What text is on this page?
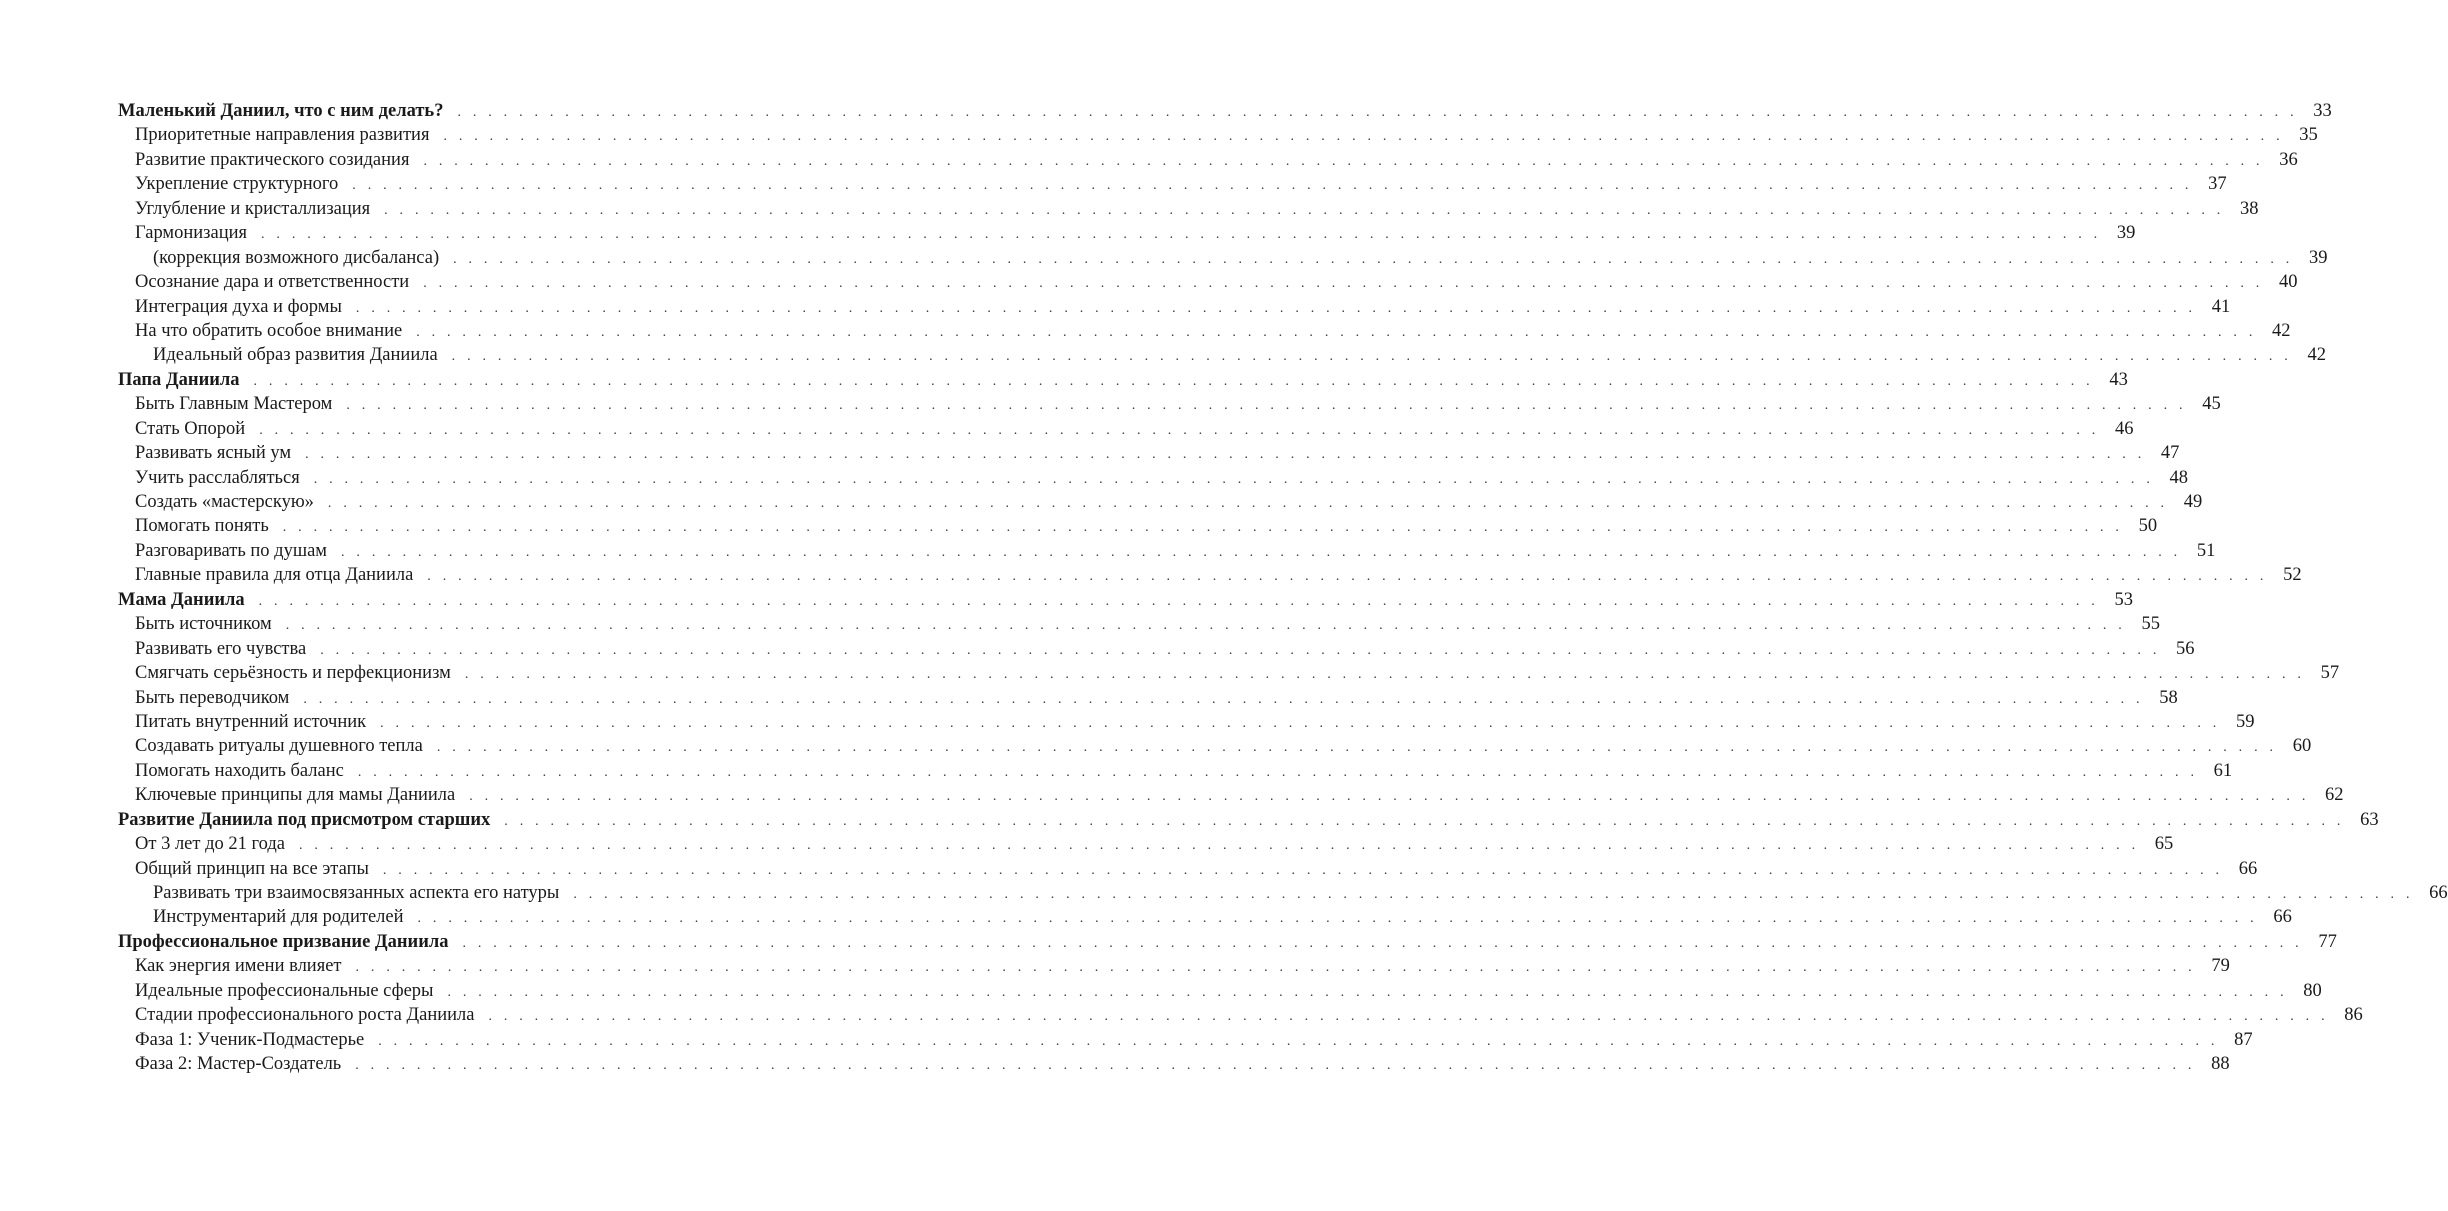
Маленький Даниил, что с ним делать? . . . . . . . . . . . . . . . . . . . . . . . . . . . . . . . . . . . . . . . . . . . . . . . . . . . . . . . . . . . . . . . . . . . . . . . . . . . . . . . . . . . . . . . . . . . . . . . . . . . . . . . . . . . . . . . . . . . . . . . . 33
Приоритетные направления развития . . . . . . . . . . . . . . . . . . . . . . . . . . . . . . . . . . . . . . . . . . . . . . . . . . . . . . . . . . . . . . . . . . . . . . . . . . . . . . . . . . . . . . . . . . . . . . . . . . . . . . . . . . . . . . . . . . . . . . . . 35
Развитие практического созидания . . . . . . . . . . . . . . . . . . . . . . . . . . . . . . . . . . . . . . . . . . . . . . . . . . . . . . . . . . . . . . . . . . . . . . . . . . . . . . . . . . . . . . . . . . . . . . . . . . . . . . . . . . . . . . . . . . . . . . . . 36
Укрепление структурного . . . . . . . . . . . . . . . . . . . . . . . . . . . . . . . . . . . . . . . . . . . . . . . . . . . . . . . . . . . . . . . . . . . . . . . . . . . . . . . . . . . . . . . . . . . . . . . . . . . . . . . . . . . . . . . . . . . . . . . . 37
Углубление и кристаллизация . . . . . . . . . . . . . . . . . . . . . . . . . . . . . . . . . . . . . . . . . . . . . . . . . . . . . . . . . . . . . . . . . . . . . . . . . . . . . . . . . . . . . . . . . . . . . . . . . . . . . . . . . . . . . . . . . . . . . . . . 38
Гармонизация . . . . . . . . . . . . . . . . . . . . . . . . . . . . . . . . . . . . . . . . . . . . . . . . . . . . . . . . . . . . . . . . . . . . . . . . . . . . . . . . . . . . . . . . . . . . . . . . . . . . . . . . . . . . . . . . . . . . . . . . 39
(коррекция возможного дисбаланса) . . . . . . . . . . . . . . . . . . . . . . . . . . . . . . . . . . . . . . . . . . . . . . . . . . . . . . . . . . . . . . . . . . . . . . . . . . . . . . . . . . . . . . . . . . . . . . . . . . . . . . . . . . . . . . . . . . . . . . . . 39
Осознание дара и ответственности . . . . . . . . . . . . . . . . . . . . . . . . . . . . . . . . . . . . . . . . . . . . . . . . . . . . . . . . . . . . . . . . . . . . . . . . . . . . . . . . . . . . . . . . . . . . . . . . . . . . . . . . . . . . . . . . . . . . . . . . 40
Интеграция духа и формы . . . . . . . . . . . . . . . . . . . . . . . . . . . . . . . . . . . . . . . . . . . . . . . . . . . . . . . . . . . . . . . . . . . . . . . . . . . . . . . . . . . . . . . . . . . . . . . . . . . . . . . . . . . . . . . . . . . . . . . . 41
На что обратить особое внимание . . . . . . . . . . . . . . . . . . . . . . . . . . . . . . . . . . . . . . . . . . . . . . . . . . . . . . . . . . . . . . . . . . . . . . . . . . . . . . . . . . . . . . . . . . . . . . . . . . . . . . . . . . . . . . . . . . . . . . . . 42
Идеальный образ развития Даниила . . . . . . . . . . . . . . . . . . . . . . . . . . . . . . . . . . . . . . . . . . . . . . . . . . . . . . . . . . . . . . . . . . . . . . . . . . . . . . . . . . . . . . . . . . . . . . . . . . . . . . . . . . . . . . . . . . . . . . . . 42
Папа Даниила . . . . . . . . . . . . . . . . . . . . . . . . . . . . . . . . . . . . . . . . . . . . . . . . . . . . . . . . . . . . . . . . . . . . . . . . . . . . . . . . . . . . . . . . . . . . . . . . . . . . . . . . . . . . . . . . . . . . . . . . 43
Быть Главным Мастером . . . . . . . . . . . . . . . . . . . . . . . . . . . . . . . . . . . . . . . . . . . . . . . . . . . . . . . . . . . . . . . . . . . . . . . . . . . . . . . . . . . . . . . . . . . . . . . . . . . . . . . . . . . . . . . . . . . . . . . . 45
Стать Опорой . . . . . . . . . . . . . . . . . . . . . . . . . . . . . . . . . . . . . . . . . . . . . . . . . . . . . . . . . . . . . . . . . . . . . . . . . . . . . . . . . . . . . . . . . . . . . . . . . . . . . . . . . . . . . . . . . . . . . . . . 46
Развивать ясный ум . . . . . . . . . . . . . . . . . . . . . . . . . . . . . . . . . . . . . . . . . . . . . . . . . . . . . . . . . . . . . . . . . . . . . . . . . . . . . . . . . . . . . . . . . . . . . . . . . . . . . . . . . . . . . . . . . . . . . . . . 47
Учить расслабляться . . . . . . . . . . . . . . . . . . . . . . . . . . . . . . . . . . . . . . . . . . . . . . . . . . . . . . . . . . . . . . . . . . . . . . . . . . . . . . . . . . . . . . . . . . . . . . . . . . . . . . . . . . . . . . . . . . . . . . . . 48
Создать «мастерскую» . . . . . . . . . . . . . . . . . . . . . . . . . . . . . . . . . . . . . . . . . . . . . . . . . . . . . . . . . . . . . . . . . . . . . . . . . . . . . . . . . . . . . . . . . . . . . . . . . . . . . . . . . . . . . . . . . . . . . . . . 49
Помогать понять . . . . . . . . . . . . . . . . . . . . . . . . . . . . . . . . . . . . . . . . . . . . . . . . . . . . . . . . . . . . . . . . . . . . . . . . . . . . . . . . . . . . . . . . . . . . . . . . . . . . . . . . . . . . . . . . . . . . . . . . 50
Разговаривать по душам . . . . . . . . . . . . . . . . . . . . . . . . . . . . . . . . . . . . . . . . . . . . . . . . . . . . . . . . . . . . . . . . . . . . . . . . . . . . . . . . . . . . . . . . . . . . . . . . . . . . . . . . . . . . . . . . . . . . . . . . 51
Главные правила для отца Даниила . . . . . . . . . . . . . . . . . . . . . . . . . . . . . . . . . . . . . . . . . . . . . . . . . . . . . . . . . . . . . . . . . . . . . . . . . . . . . . . . . . . . . . . . . . . . . . . . . . . . . . . . . . . . . . . . . . . . . . . . 52
Мама Даниила . . . . . . . . . . . . . . . . . . . . . . . . . . . . . . . . . . . . . . . . . . . . . . . . . . . . . . . . . . . . . . . . . . . . . . . . . . . . . . . . . . . . . . . . . . . . . . . . . . . . . . . . . . . . . . . . . . . . . . . . 53
Быть источником . . . . . . . . . . . . . . . . . . . . . . . . . . . . . . . . . . . . . . . . . . . . . . . . . . . . . . . . . . . . . . . . . . . . . . . . . . . . . . . . . . . . . . . . . . . . . . . . . . . . . . . . . . . . . . . . . . . . . . . . 55
Развивать его чувства . . . . . . . . . . . . . . . . . . . . . . . . . . . . . . . . . . . . . . . . . . . . . . . . . . . . . . . . . . . . . . . . . . . . . . . . . . . . . . . . . . . . . . . . . . . . . . . . . . . . . . . . . . . . . . . . . . . . . . . . 56
Смягчать серьёзность и перфекционизм . . . . . . . . . . . . . . . . . . . . . . . . . . . . . . . . . . . . . . . . . . . . . . . . . . . . . . . . . . . . . . . . . . . . . . . . . . . . . . . . . . . . . . . . . . . . . . . . . . . . . . . . . . . . . . . . . . . . . . . . 57
Быть переводчиком . . . . . . . . . . . . . . . . . . . . . . . . . . . . . . . . . . . . . . . . . . . . . . . . . . . . . . . . . . . . . . . . . . . . . . . . . . . . . . . . . . . . . . . . . . . . . . . . . . . . . . . . . . . . . . . . . . . . . . . . 58
Питать внутренний источник . . . . . . . . . . . . . . . . . . . . . . . . . . . . . . . . . . . . . . . . . . . . . . . . . . . . . . . . . . . . . . . . . . . . . . . . . . . . . . . . . . . . . . . . . . . . . . . . . . . . . . . . . . . . . . . . . . . . . . . . 59
Создавать ритуалы душевного тепла . . . . . . . . . . . . . . . . . . . . . . . . . . . . . . . . . . . . . . . . . . . . . . . . . . . . . . . . . . . . . . . . . . . . . . . . . . . . . . . . . . . . . . . . . . . . . . . . . . . . . . . . . . . . . . . . . . . . . . . . 60
Помогать находить баланс . . . . . . . . . . . . . . . . . . . . . . . . . . . . . . . . . . . . . . . . . . . . . . . . . . . . . . . . . . . . . . . . . . . . . . . . . . . . . . . . . . . . . . . . . . . . . . . . . . . . . . . . . . . . . . . . . . . . . . . . 61
Ключевые принципы для мамы Даниила . . . . . . . . . . . . . . . . . . . . . . . . . . . . . . . . . . . . . . . . . . . . . . . . . . . . . . . . . . . . . . . . . . . . . . . . . . . . . . . . . . . . . . . . . . . . . . . . . . . . . . . . . . . . . . . . . . . . . . . . 62
Развитие Даниила под присмотром старших . . . . . . . . . . . . . . . . . . . . . . . . . . . . . . . . . . . . . . . . . . . . . . . . . . . . . . . . . . . . . . . . . . . . . . . . . . . . . . . . . . . . . . . . . . . . . . . . . . . . . . . . . . . . . . . . . . . . . . . . 63
От 3 лет до 21 года . . . . . . . . . . . . . . . . . . . . . . . . . . . . . . . . . . . . . . . . . . . . . . . . . . . . . . . . . . . . . . . . . . . . . . . . . . . . . . . . . . . . . . . . . . . . . . . . . . . . . . . . . . . . . . . . . . . . . . . . 65
Общий принцип на все этапы . . . . . . . . . . . . . . . . . . . . . . . . . . . . . . . . . . . . . . . . . . . . . . . . . . . . . . . . . . . . . . . . . . . . . . . . . . . . . . . . . . . . . . . . . . . . . . . . . . . . . . . . . . . . . . . . . . . . . . . . 66
Развивать три взаимосвязанных аспекта его натуры . . . . . . . . . . . . . . . . . . . . . . . . . . . . . . . . . . . . . . . . . . . . . . . . . . . . . . . . . . . . . . . . . . . . . . . . . . . . . . . . . . . . . . . . . . . . . . . . . . . . . . . . . . . . . . . . . . . . . . . . 66
Инструментарий для родителей . . . . . . . . . . . . . . . . . . . . . . . . . . . . . . . . . . . . . . . . . . . . . . . . . . . . . . . . . . . . . . . . . . . . . . . . . . . . . . . . . . . . . . . . . . . . . . . . . . . . . . . . . . . . . . . . . . . . . . . . 66
Профессиональное призвание Даниила . . . . . . . . . . . . . . . . . . . . . . . . . . . . . . . . . . . . . . . . . . . . . . . . . . . . . . . . . . . . . . . . . . . . . . . . . . . . . . . . . . . . . . . . . . . . . . . . . . . . . . . . . . . . . . . . . . . . . . . . 77
Как энергия имени влияет . . . . . . . . . . . . . . . . . . . . . . . . . . . . . . . . . . . . . . . . . . . . . . . . . . . . . . . . . . . . . . . . . . . . . . . . . . . . . . . . . . . . . . . . . . . . . . . . . . . . . . . . . . . . . . . . . . . . . . . . 79
Идеальные профессиональные сферы . . . . . . . . . . . . . . . . . . . . . . . . . . . . . . . . . . . . . . . . . . . . . . . . . . . . . . . . . . . . . . . . . . . . . . . . . . . . . . . . . . . . . . . . . . . . . . . . . . . . . . . . . . . . . . . . . . . . . . . . 80
Стадии профессионального роста Даниила . . . . . . . . . . . . . . . . . . . . . . . . . . . . . . . . . . . . . . . . . . . . . . . . . . . . . . . . . . . . . . . . . . . . . . . . . . . . . . . . . . . . . . . . . . . . . . . . . . . . . . . . . . . . . . . . . . . . . . . . 86
Фаза 1: Ученик-Подмастерье . . . . . . . . . . . . . . . . . . . . . . . . . . . . . . . . . . . . . . . . . . . . . . . . . . . . . . . . . . . . . . . . . . . . . . . . . . . . . . . . . . . . . . . . . . . . . . . . . . . . . . . . . . . . . . . . . . . . . . . . 87
Фаза 2: Мастер-Создатель . . . . . . . . . . . . . . . . . . . . . . . . . . . . . . . . . . . . . . . . . . . . . . . . . . . . . . . . . . . . . . . . . . . . . . . . . . . . . . . . . . . . . . . . . . . . . . . . . . . . . . . . . . . . . . . . . . . . . . . . 88
